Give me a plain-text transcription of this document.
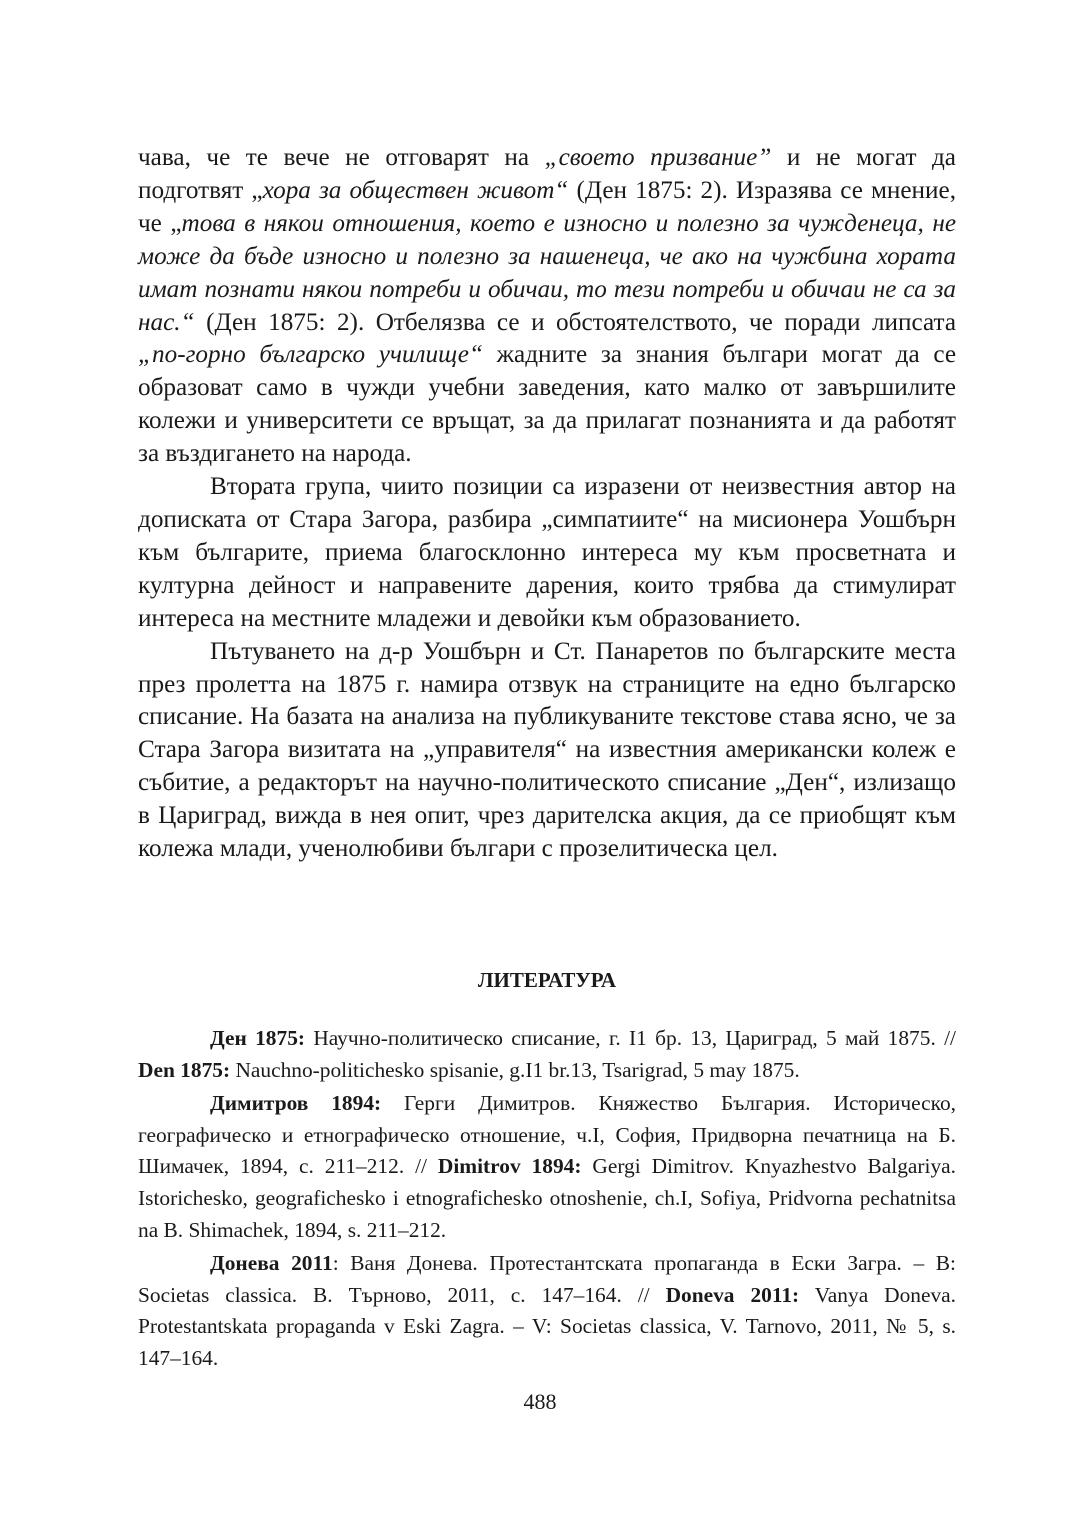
чава, че те вече не отговарят на „своето призвание” и не могат да подготвят „хора за обществен живот“ (Ден 1875: 2). Изразява се мнение, че „това в някои отношения, което е износно и полезно за чужденеца, не може да бъде износно и полезно за нашенеца, че ако на чужбина хората имат познати някои потреби и обичаи, то тези потреби и обичаи не са за нас.“ (Ден 1875: 2). Отбелязва се и обстоятелството, че поради липсата „по-горно българско училище“ жадните за знания българи могат да се образоват само в чужди учебни заведения, като малко от завършилите колежи и университети се връщат, за да прилагат познанията и да работят за въздигането на народа.

Втората група, чиито позиции са изразени от неизвестния автор на дописката от Стара Загора, разбира „симпатиите“ на мисионера Уошбърн към българите, приема благосклонно интереса му към просветната и културна дейност и направените дарения, които трябва да стимулират интереса на местните младежи и девойки към образованието.

Пътуването на д-р Уошбърн и Ст. Панаретов по българските места през пролетта на 1875 г. намира отзвук на страниците на едно българско списание. На базата на анализа на публикуваните текстове става ясно, че за Стара Загора визитата на „управителя“ на известния американски колеж е събитие, а редакторът на научно-политическото списание „Ден“, излизащо в Цариград, вижда в нея опит, чрез дарителска акция, да се приобщят към колежа млади, ученолюбиви българи с прозелитическа цел.

ЛИТЕРАТУРА

Ден 1875: Научно-политическо списание, г. I1 бр. 13, Цариград, 5 май 1875. // Den 1875: Nauchno-politichesko spisanie, g.I1 br.13, Tsarigrad, 5 may 1875.

Димитров 1894: Герги Димитров. Княжество България. Историческо, географическо и етнографическо отношение, ч.I, София, Придворна печатница на Б. Шимачек, 1894, с. 211–212. // Dimitrov 1894: Gergi Dimitrov. Knyazhestvo Balgariya. Istorichesko, geografichesko i etnografichesko otnoshenie, ch.I, Sofiya, Pridvorna pechatnitsa na B. Shimachek, 1894, s. 211–212.

Донева 2011: Ваня Донева. Протестантската пропаганда в Ески Загра. – В: Societas classica. В. Търново, 2011, с. 147–164. // Doneva 2011: Vanya Doneva. Protestantskata propaganda v Eski Zagra. – V: Societas classica, V. Tarnovo, 2011, № 5, s. 147–164.

488
